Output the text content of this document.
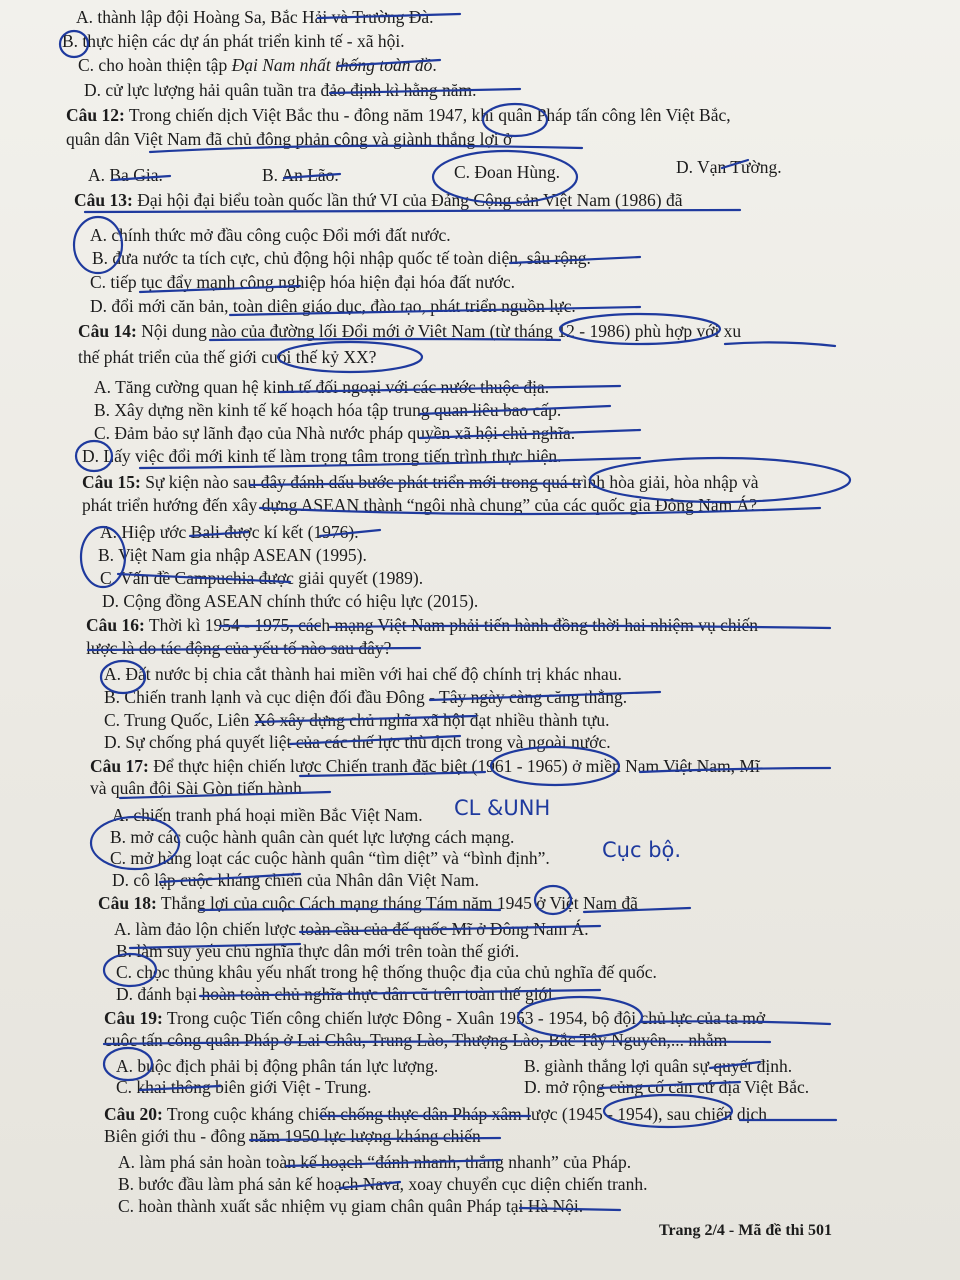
A. thành lập đội Hoàng Sa, Bắc Hải và Trường Đà.
B. thực hiện các dự án phát triển kinh tế - xã hội.
C. cho hoàn thiện tập Đại Nam nhất thống toàn đồ.
D. cử lực lượng hải quân tuần tra đảo định kì hằng năm.
Câu 12: Trong chiến dịch Việt Bắc thu - đông năm 1947, khi quân Pháp tấn công lên Việt Bắc,
quân dân Việt Nam đã chủ động phản công và giành thắng lợi ở
A. Ba Gia.	B. An Lão.	C. Đoan Hùng.	D. Vạn Tường.
Câu 13: Đại hội đại biểu toàn quốc lần thứ VI của Đảng Cộng sản Việt Nam (1986) đã
A. chính thức mở đầu công cuộc Đổi mới đất nước.
B. đưa nước ta tích cực, chủ động hội nhập quốc tế toàn diện, sâu rộng.
C. tiếp tục đẩy mạnh công nghiệp hóa hiện đại hóa đất nước.
D. đổi mới căn bản, toàn diện giáo dục, đào tạo, phát triển nguồn lực.
Câu 14: Nội dung nào của đường lối Đổi mới ở Việt Nam (từ tháng 12 - 1986) phù hợp với xu
thế phát triển của thế giới cuối thế kỷ XX?
A. Tăng cường quan hệ kinh tế đối ngoại với các nước thuộc địa.
B. Xây dựng nền kinh tế kế hoạch hóa tập trung quan liêu bao cấp.
C. Đảm bảo sự lãnh đạo của Nhà nước pháp quyền xã hội chủ nghĩa.
D. Lấy việc đổi mới kinh tế làm trọng tâm trong tiến trình thực hiện.
Câu 15: Sự kiện nào sau đây đánh dấu bước phát triển mới trong quá trình hòa giải, hòa nhập và
phát triển hướng đến xây dựng ASEAN thành “ngôi nhà chung” của các quốc gia Đông Nam Á?
A. Hiệp ước Bali được kí kết (1976).
B. Việt Nam gia nhập ASEAN (1995).
C. Vấn đề Campuchia được giải quyết (1989).
D. Cộng đồng ASEAN chính thức có hiệu lực (2015).
Câu 16: Thời kì 1954 - 1975, cách mạng Việt Nam phải tiến hành đồng thời hai nhiệm vụ chiến
lược là do tác động của yếu tố nào sau đây?
A. Đất nước bị chia cắt thành hai miền với hai chế độ chính trị khác nhau.
B. Chiến tranh lạnh và cục diện đối đầu Đông - Tây ngày càng căng thẳng.
C. Trung Quốc, Liên Xô xây dựng chủ nghĩa xã hội đạt nhiều thành tựu.
D. Sự chống phá quyết liệt của các thế lực thù địch trong và ngoài nước.
Câu 17: Để thực hiện chiến lược Chiến tranh đặc biệt (1961 - 1965) ở miền Nam Việt Nam, Mĩ
và quân đội Sài Gòn tiến hành
A. chiến tranh phá hoại miền Bắc Việt Nam.
B. mở các cuộc hành quân càn quét lực lượng cách mạng.
C. mở hàng loạt các cuộc hành quân “tìm diệt” và “bình định”.
D. cô lập cuộc kháng chiến của Nhân dân Việt Nam.
Câu 18: Thắng lợi của cuộc Cách mạng tháng Tám năm 1945 ở Việt Nam đã
A. làm đảo lộn chiến lược toàn cầu của đế quốc Mĩ ở Đông Nam Á.
B. làm suy yếu chủ nghĩa thực dân mới trên toàn thế giới.
C. chọc thủng khâu yếu nhất trong hệ thống thuộc địa của chủ nghĩa đế quốc.
D. đánh bại hoàn toàn chủ nghĩa thực dân cũ trên toàn thế giới.
Câu 19: Trong cuộc Tiến công chiến lược Đông - Xuân 1953 - 1954, bộ đội chủ lực của ta mở
cuộc tấn công quân Pháp ở Lai Châu, Trung Lào, Thượng Lào, Bắc Tây Nguyên,... nhằm
A. buộc địch phải bị động phân tán lực lượng.	B. giành thắng lợi quân sự quyết định.
C. khai thông biên giới Việt - Trung.	D. mở rộng củng cố căn cứ địa Việt Bắc.
Câu 20: Trong cuộc kháng chiến chống thực dân Pháp xâm lược (1945 - 1954), sau chiến dịch
Biên giới thu - đông năm 1950 lực lượng kháng chiến
A. làm phá sản hoàn toàn kế hoạch “đánh nhanh, thắng nhanh” của Pháp.
B. bước đầu làm phá sản kế hoạch Nava, xoay chuyển cục diện chiến tranh.
C. hoàn thành xuất sắc nhiệm vụ giam chân quân Pháp tại Hà Nội.
CL &UNH
Cục bộ.
Trang 2/4 - Mã đề thi 501
